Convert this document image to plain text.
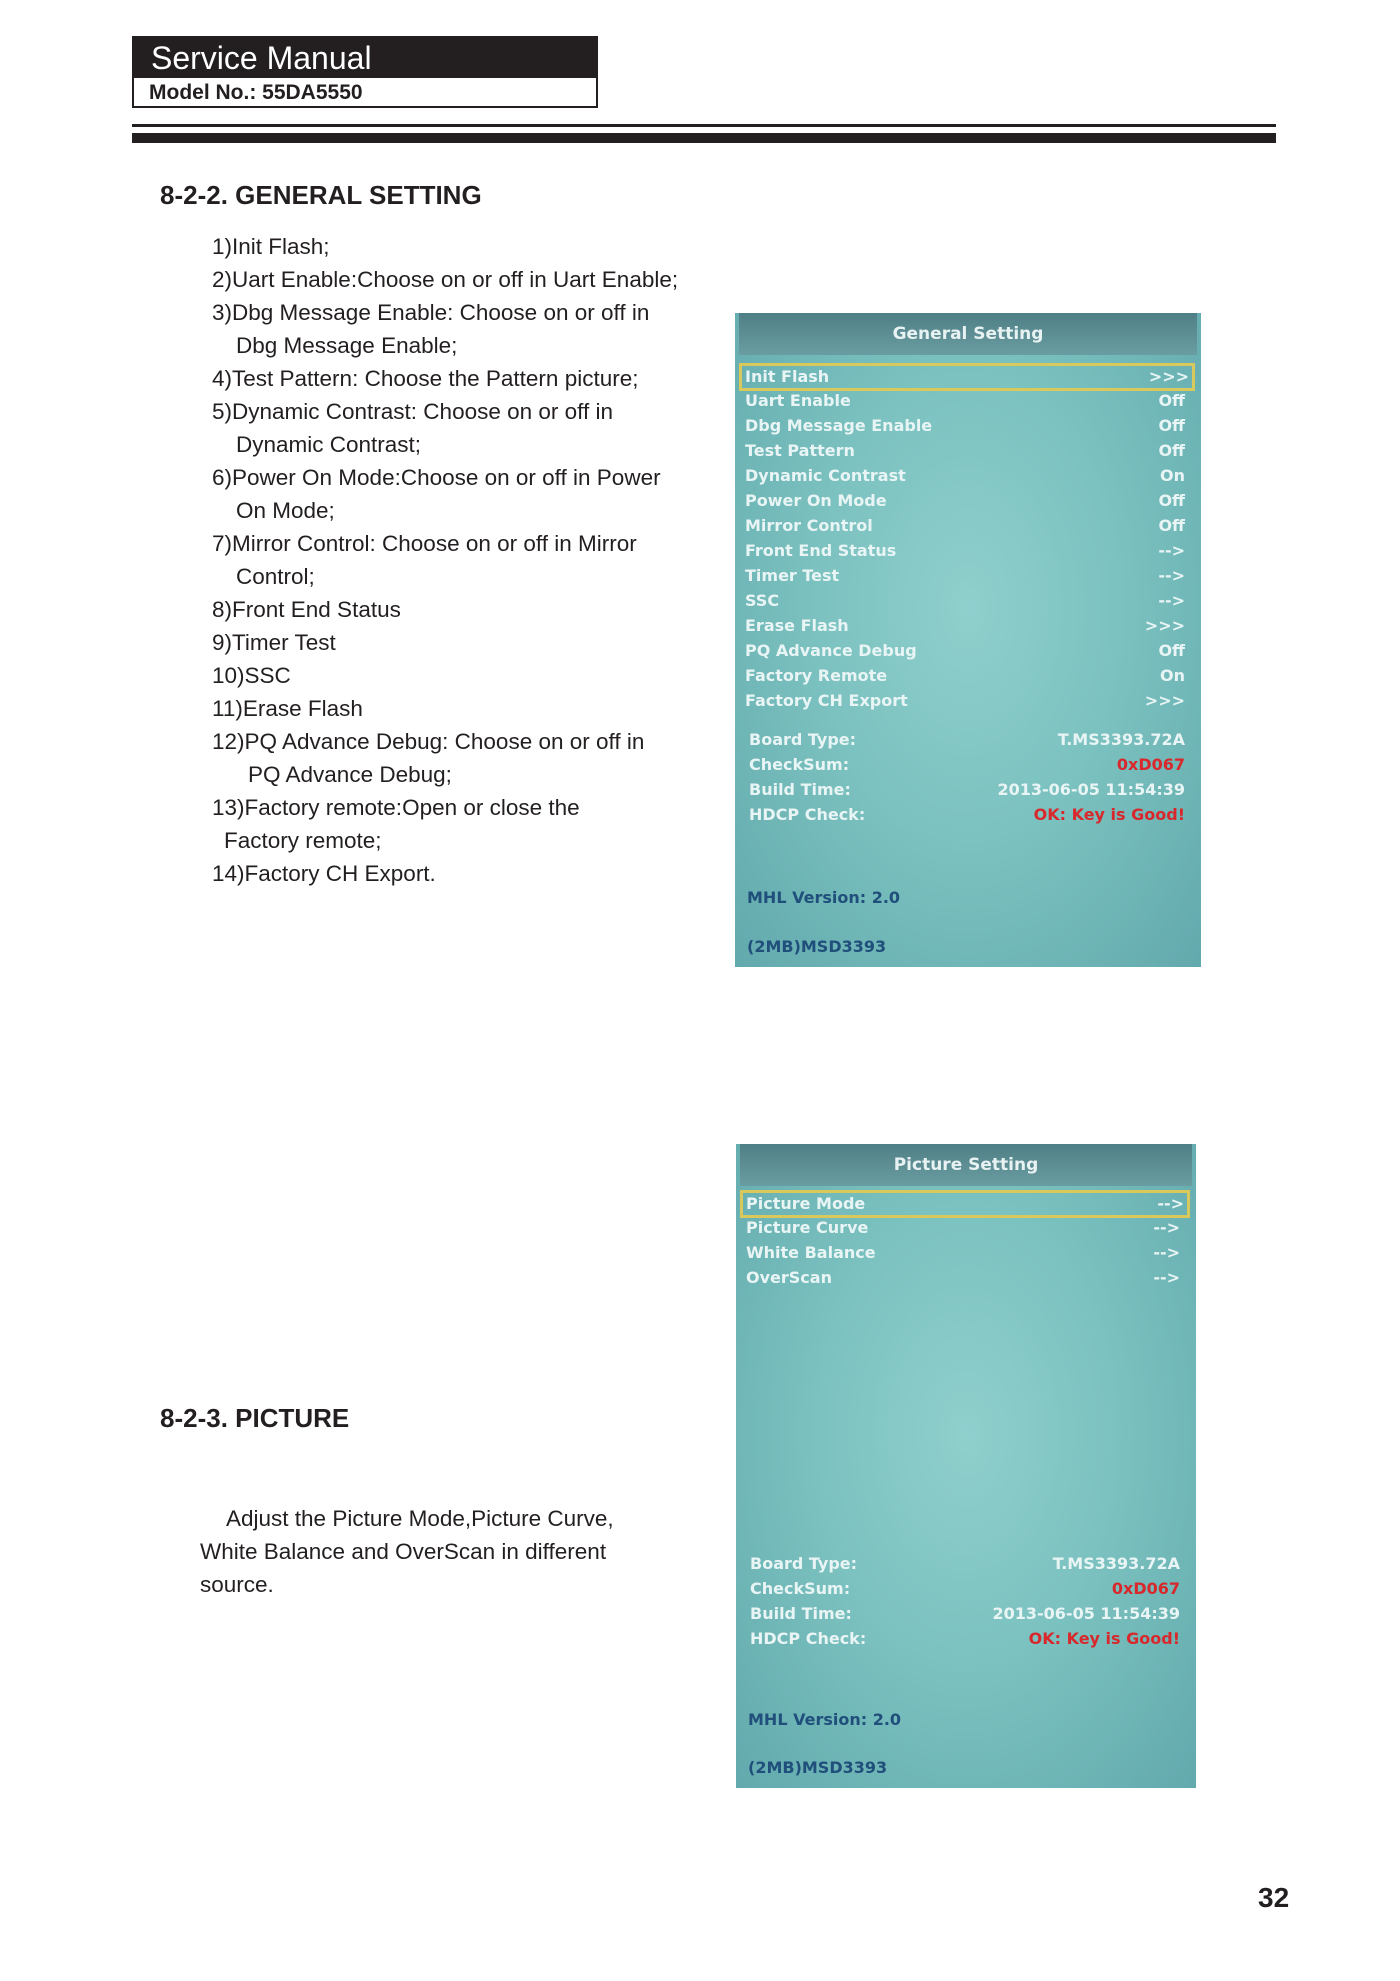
Service Manual
Model No.: 55DA5550
8-2-2. GENERAL SETTING
1)Init Flash;
2)Uart Enable:Choose on or off in Uart Enable;
3)Dbg Message Enable: Choose on or off in
Dbg Message Enable;
4)Test Pattern: Choose the Pattern picture;
5)Dynamic Contrast: Choose on or off in
Dynamic Contrast;
6)Power On Mode:Choose on or off in Power
On Mode;
7)Mirror Control: Choose on or off in Mirror
Control;
8)Front End Status
9)Timer Test
10)SSC
11)Erase Flash
12)PQ Advance Debug: Choose on or off in
PQ Advance Debug;
13)Factory remote:Open or close the
Factory remote;
14)Factory CH Export.
General Setting
Init Flash	>>>
Uart Enable	Off
Dbg Message Enable	Off
Test Pattern	Off
Dynamic Contrast	On
Power On Mode	Off
Mirror Control	Off
Front End Status	-->
Timer Test	-->
SSC	-->
Erase Flash	>>>
PQ Advance Debug	Off
Factory Remote	On
Factory CH Export	>>>
Board Type:	T.MS3393.72A
CheckSum:	0xD067
Build Time:	2013-06-05 11:54:39
HDCP Check:	OK: Key is Good!
MHL Version: 2.0
(2MB)MSD3393
Picture Setting
Picture Mode	-->
Picture Curve	-->
White Balance	-->
OverScan	-->
Board Type:	T.MS3393.72A
CheckSum:	0xD067
Build Time:	2013-06-05 11:54:39
HDCP Check:	OK: Key is Good!
MHL Version: 2.0
(2MB)MSD3393
8-2-3. PICTURE
Adjust the Picture Mode,Picture Curve,
White Balance and OverScan in different
source.
32
